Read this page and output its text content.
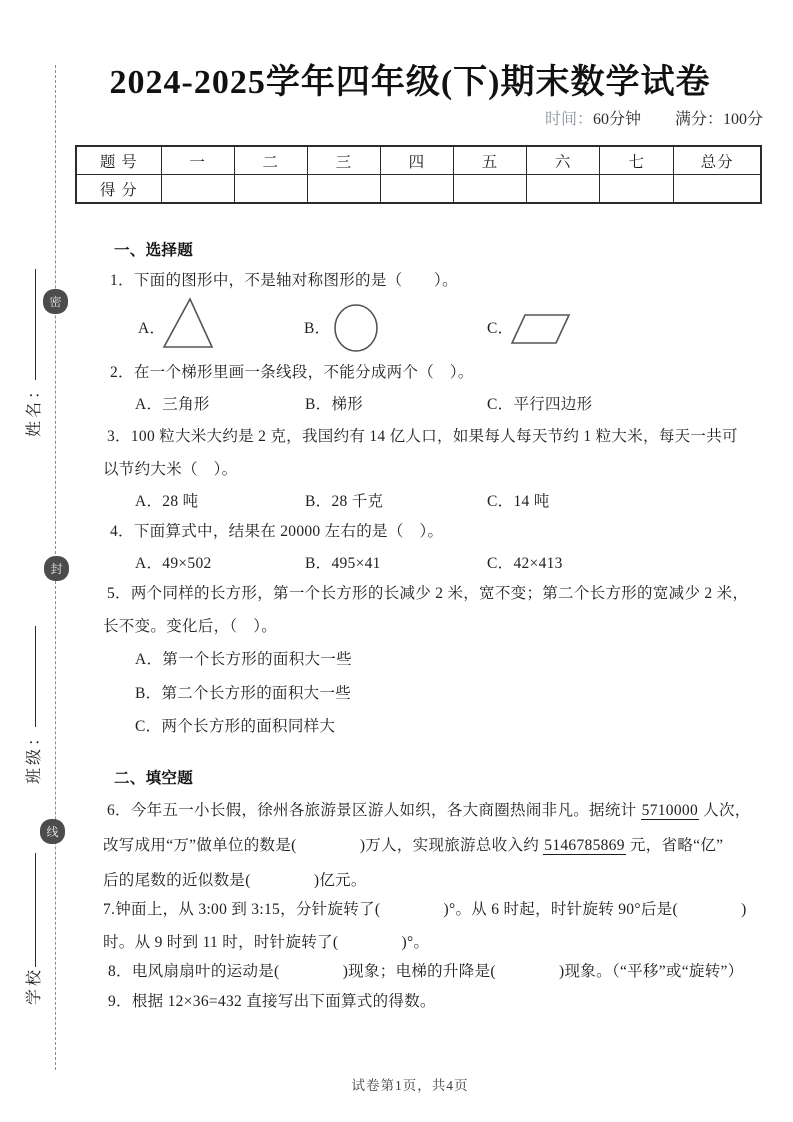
2024-2025学年四年级(下)期末数学试卷
时间：60分钟 满分：100分
题 号	一	二	三	四	五	六	七	总分
得 分								
密
封
线
姓名：
班级：
学校
一、选择题
1．下面的图形中，不是轴对称图形的是（　　）。
A．	B．	C．
2．在一个梯形里画一条线段，不能分成两个（　）。
A．三角形	B．梯形	C．平行四边形
3．100 粒大米大约是 2 克，我国约有 14 亿人口，如果每人每天节约 1 粒大米，每天一共可
以节约大米（　）。
A．28 吨	B．28 千克	C．14 吨
4．下面算式中，结果在 20000 左右的是（　）。
A．49×502	B．495×41	C．42×413
5．两个同样的长方形，第一个长方形的长减少 2 米，宽不变；第二个长方形的宽减少 2 米，
长不变。变化后，（　）。
A．第一个长方形的面积大一些
B．第二个长方形的面积大一些
C．两个长方形的面积同样大
二、填空题
6．今年五一小长假，徐州各旅游景区游人如织，各大商圈热闹非凡。据统计 5710000 人次，
改写成用“万”做单位的数是(　　　　)万人，实现旅游总收入约 5146785869 元，省略“亿”
后的尾数的近似数是(　　　　)亿元。
7.钟面上，从 3:00 到 3:15，分针旋转了(　　　　)°。从 6 时起，时针旋转 90°后是(　　　　)
时。从 9 时到 11 时，时针旋转了(　　　　)°。
8．电风扇扇叶的运动是(　　　　)现象；电梯的升降是(　　　　)现象。（“平移”或“旋转”）
9．根据 12×36=432 直接写出下面算式的得数。
试卷第1页，共4页
